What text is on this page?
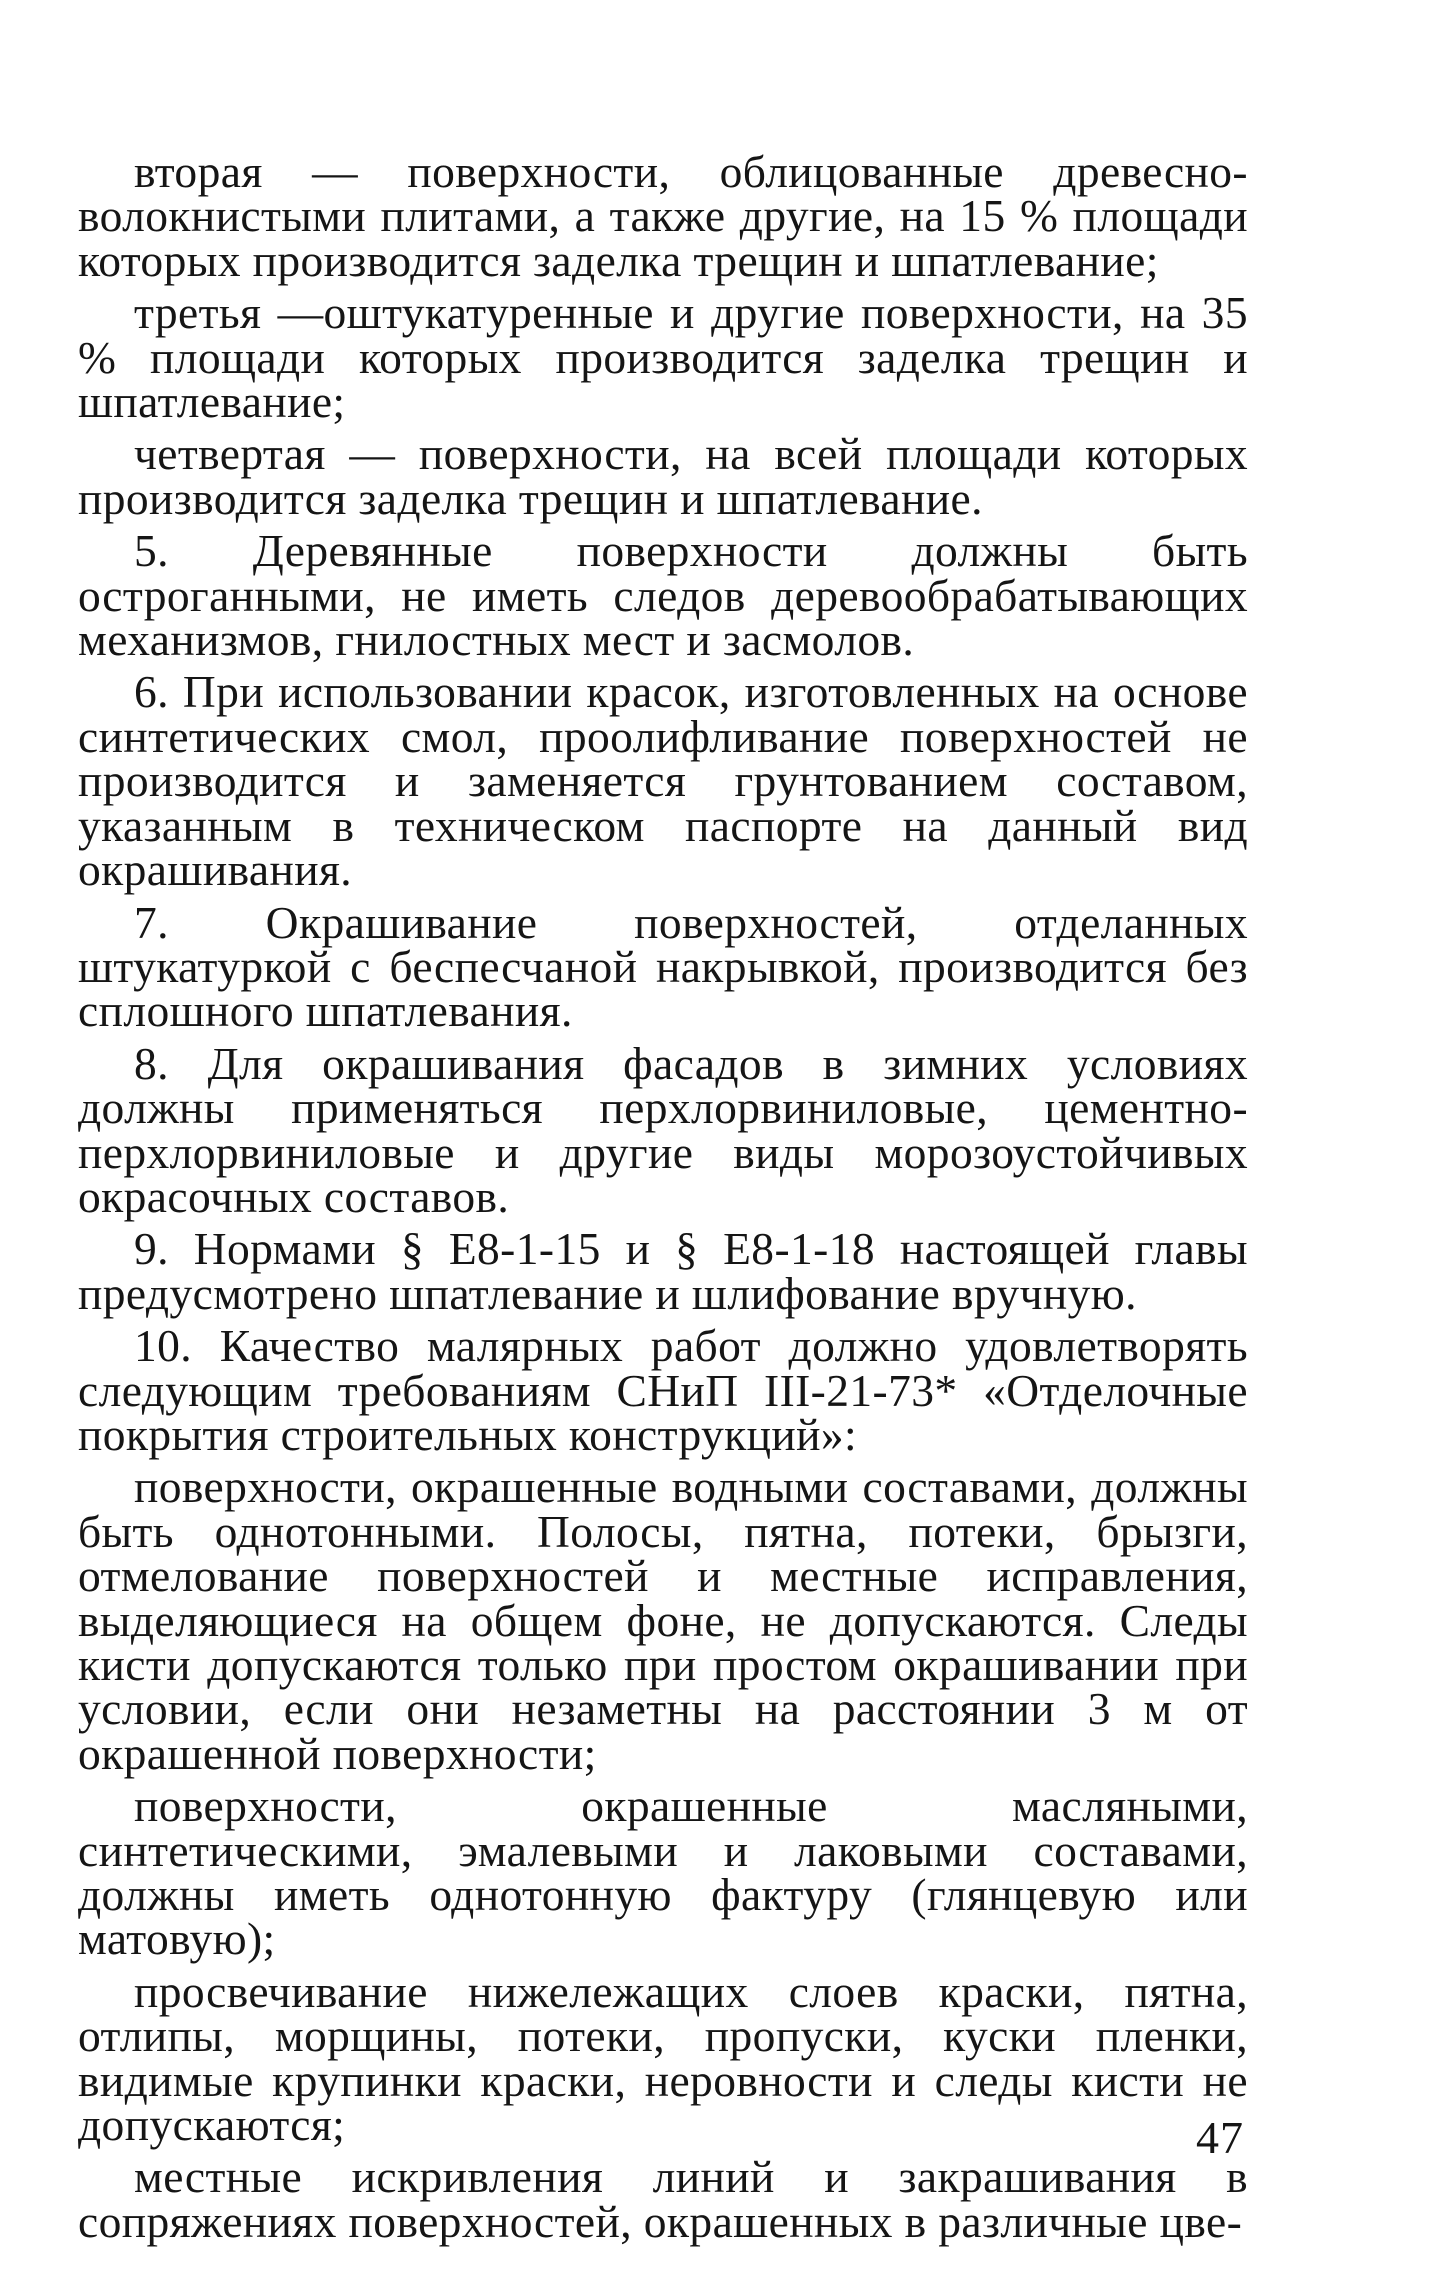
вторая — поверхности, облицованные древесно-волокнистыми плитами, а также другие, на 15 % площади которых производится заделка трещин и шпатлевание;

третья —оштукатуренные и другие поверхности, на 35 % площади которых производится заделка трещин и шпатлевание;

четвертая — поверхности, на всей площади которых производится заделка трещин и шпатлевание.

5. Деревянные поверхности должны быть остроганными, не иметь следов деревообрабатывающих механизмов, гнилостных мест и засмолов.

6. При использовании красок, изготовленных на основе синтетических смол, проолифливание поверхностей не производится и заменяется грунтованием составом, указанным в техническом паспорте на данный вид окрашивания.

7. Окрашивание поверхностей, отделанных штукатуркой с беспесчаной накрывкой, производится без сплошного шпатлевания.

8. Для окрашивания фасадов в зимних условиях должны применяться перхлорвиниловые, цементно-перхлорвиниловые и другие виды морозоустойчивых окрасочных составов.

9. Нормами § Е8-1-15 и § Е8-1-18 настоящей главы предусмотрено шпатлевание и шлифование вручную.

10. Качество малярных работ должно удовлетворять следующим требованиям СНиП III-21-73* «Отделочные покрытия строительных конструкций»:

поверхности, окрашенные водными составами, должны быть однотонными. Полосы, пятна, потеки, брызги, отмелование поверхностей и местные исправления, выделяющиеся на общем фоне, не допускаются. Следы кисти допускаются только при простом окрашивании при условии, если они незаметны на расстоянии 3 м от окрашенной поверхности;

поверхности, окрашенные масляными, синтетическими, эмалевыми и лаковыми составами, должны иметь однотонную фактуру (глянцевую или матовую);

просвечивание нижележащих слоев краски, пятна, отлипы, морщины, потеки, пропуски, куски пленки, видимые крупинки краски, неровности и следы кисти не допускаются;

местные искривления линий и закрашивания в сопряжениях поверхностей, окрашенных в различные цве-

47
